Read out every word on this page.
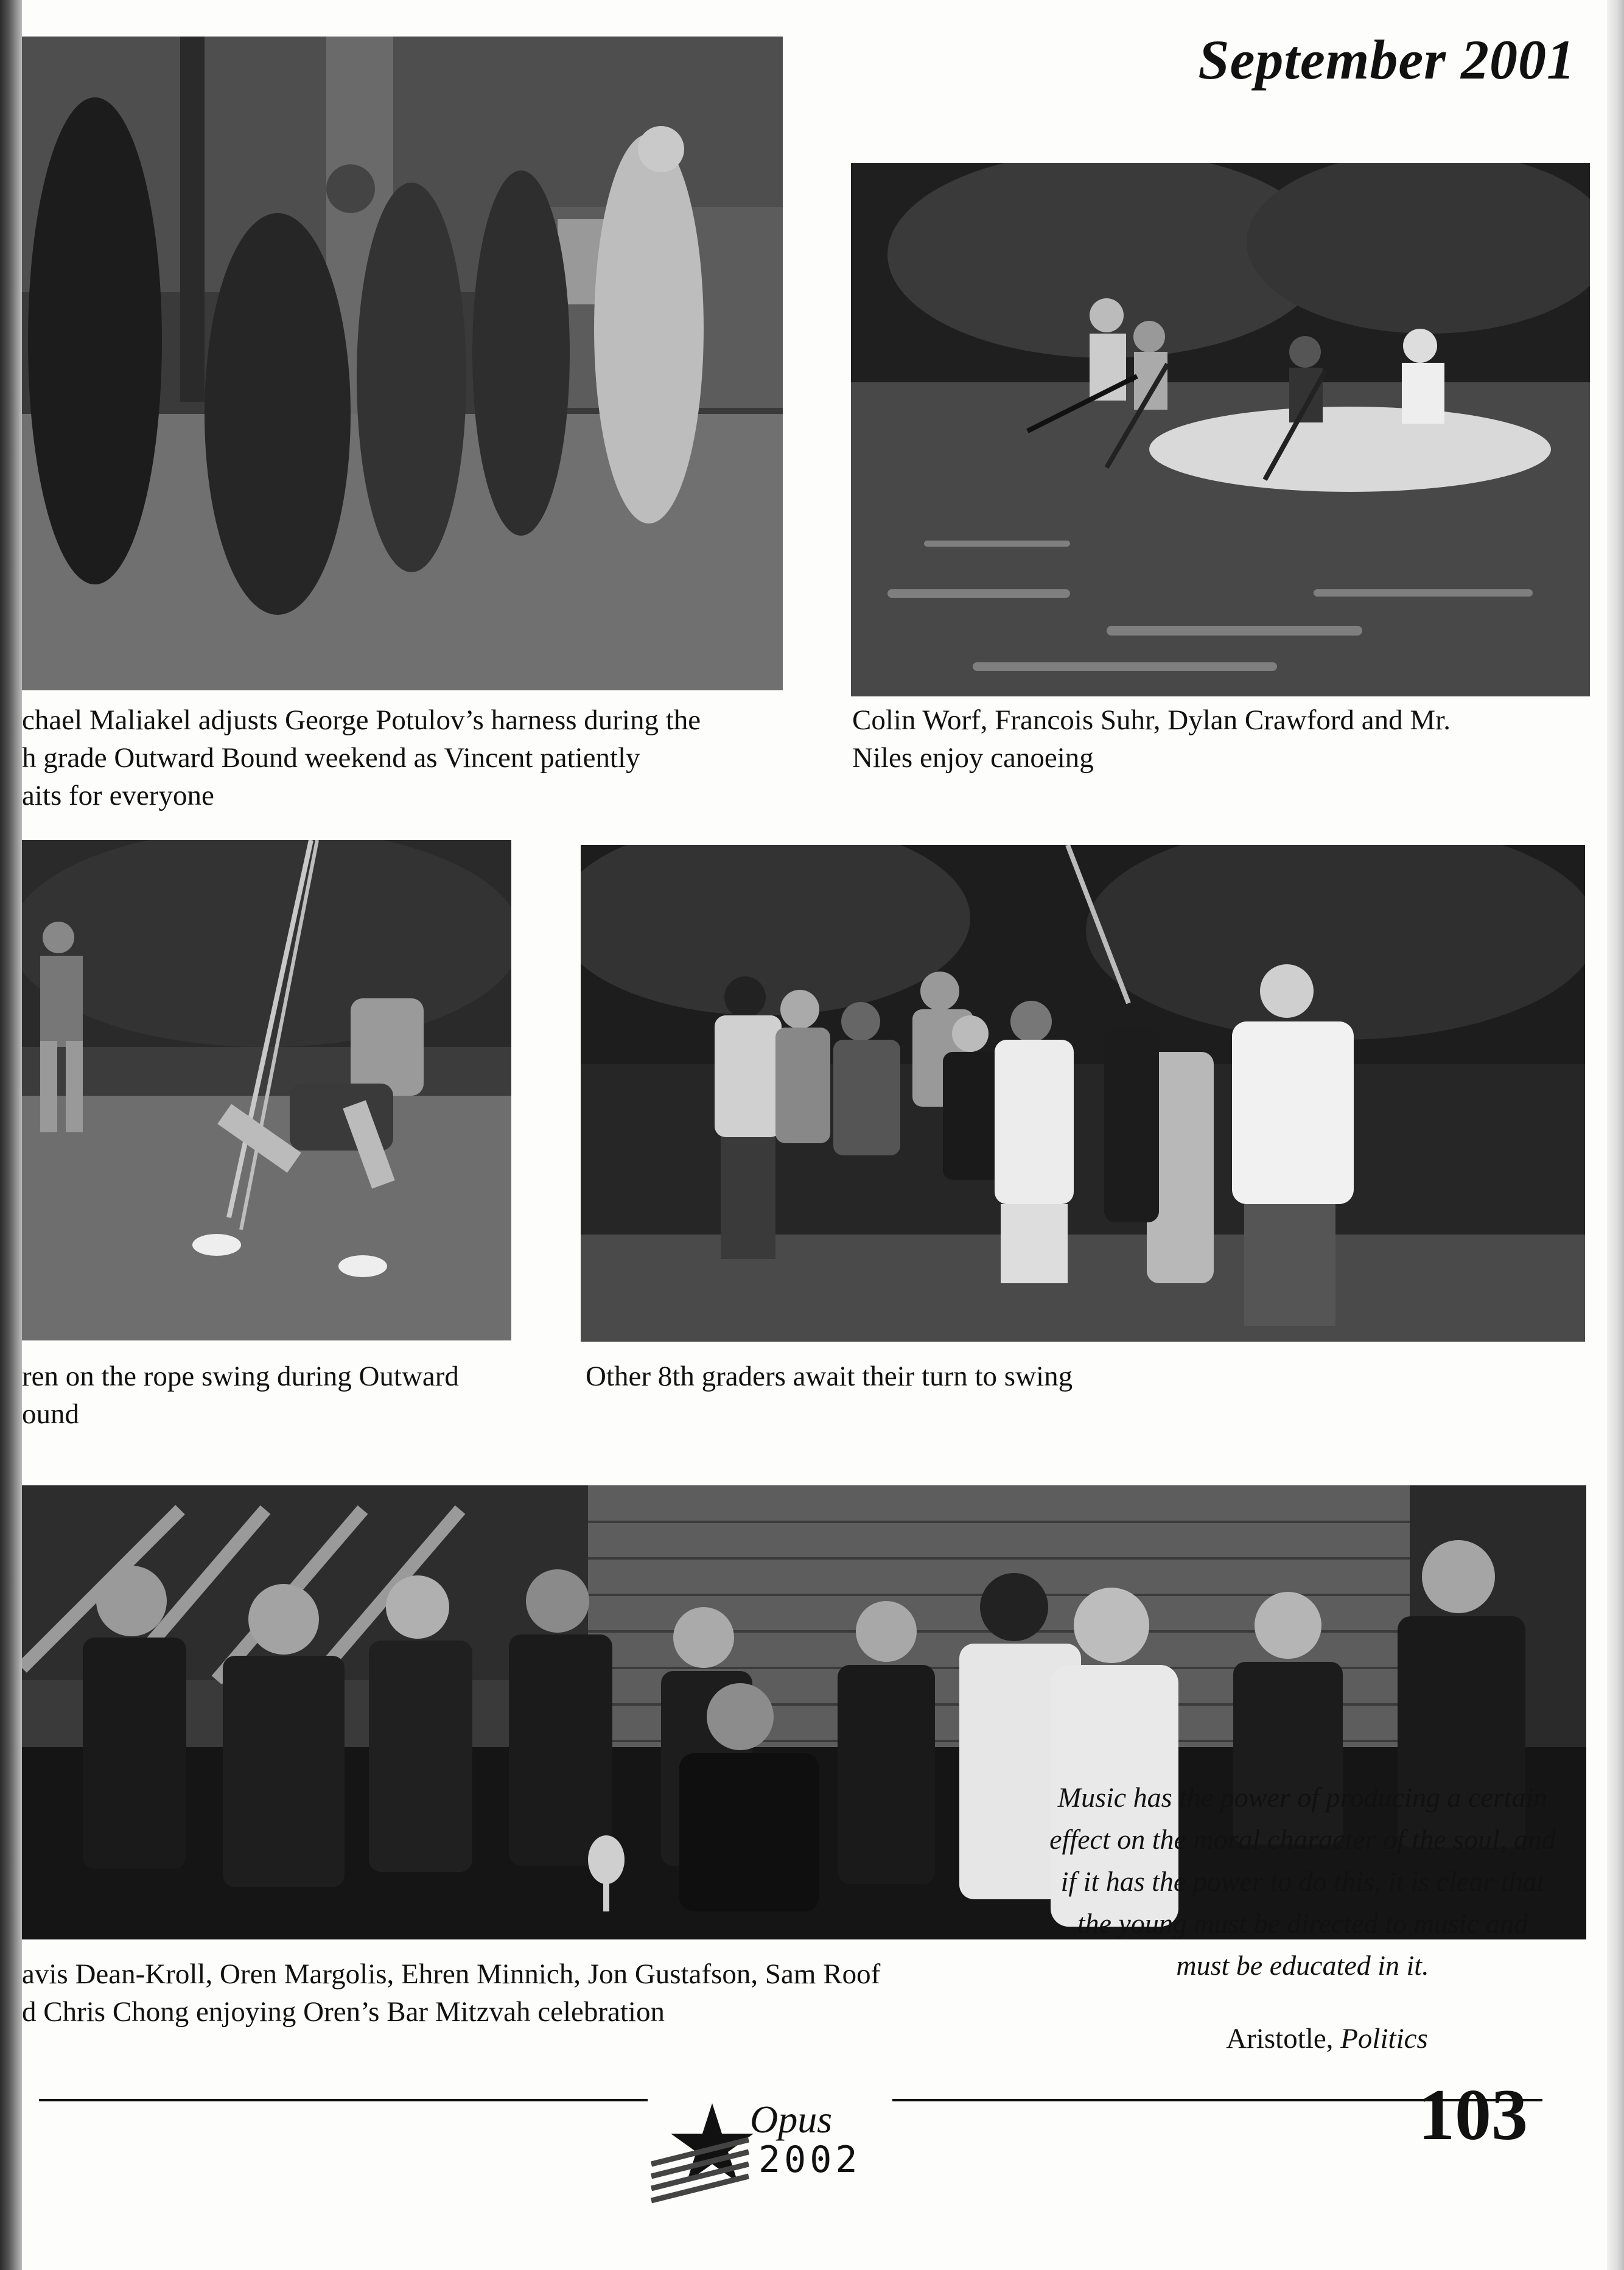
September 2001
chael Maliakel adjusts George Potulov’s harness during the
h grade Outward Bound weekend as Vincent patiently
aits for everyone
Colin Worf, Francois Suhr, Dylan Crawford and Mr.
Niles enjoy canoeing
ren on the rope swing during Outward
ound
Other 8th graders await their turn to swing
avis Dean-Kroll, Oren Margolis, Ehren Minnich, Jon Gustafson, Sam Roof
d Chris Chong enjoying Oren’s Bar Mitzvah celebration
Music has the power of producing a certain
effect on the moral character of the soul, and
if it has the power to do this, it is clear that
the young must be directed to music and
must be educated in it.
Aristotle, Politics
Opus
2002
103
